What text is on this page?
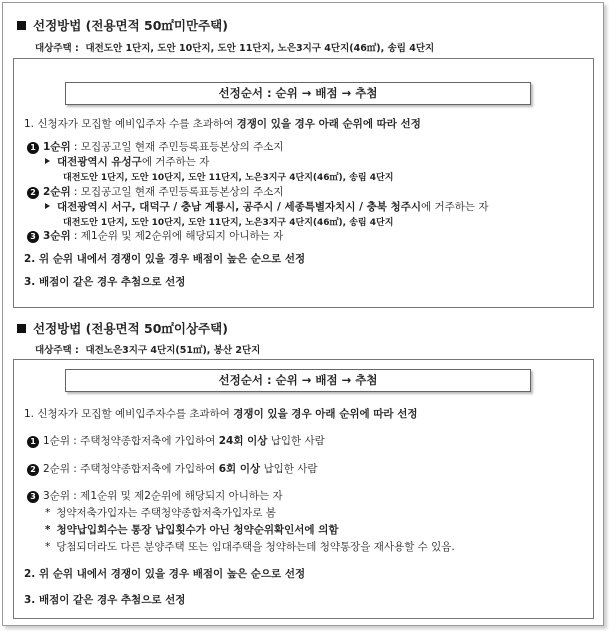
선정방법 (전용면적 50㎡미만주택)
대상주택 : 대전도안 1단지, 도안 10단지, 도안 11단지, 노은3지구 4단지(46㎡), 송림 4단지
선정순서 : 순위 → 배점 → 추첨
1. 신청자가 모집할 예비입주자 수를 초과하여 경쟁이 있을 경우 아래 순위에 따라 선정
1 1순위 : 모집공고일 현재 주민등록표등본상의 주소지
대전광역시 유성구에 거주하는 자
대전도안 1단지, 도안 10단지, 도안 11단지, 노은3지구 4단지(46㎡), 송림 4단지
2 2순위 : 모집공고일 현재 주민등록표등본상의 주소지
대전광역시 서구, 대덕구 / 충남 계룡시, 공주시 / 세종특별자치시 / 충북 청주시에 거주하는 자
대전도안 1단지, 도안 10단지, 도안 11단지, 노은3지구 4단지(46㎡), 송림 4단지
3 3순위 : 제1순위 및 제2순위에 해당되지 아니하는 자
2. 위 순위 내에서 경쟁이 있을 경우 배점이 높은 순으로 선정
3. 배점이 같은 경우 추첨으로 선정
선정방법 (전용면적 50㎡이상주택)
대상주택 : 대전노은3지구 4단지(51㎡), 봉산 2단지
선정순서 : 순위 → 배점 → 추첨
1. 신청자가 모집할 예비입주자수를 초과하여 경쟁이 있을 경우 아래 순위에 따라 선정
1 1순위 : 주택청약종합저축에 가입하여 24회 이상 납입한 사람
2 2순위 : 주택청약종합저축에 가입하여 6회 이상 납입한 사람
3 3순위 : 제1순위 및 제2순위에 해당되지 아니하는 자
* 청약저축가입자는 주택청약종합저축가입자로 봄
* 청약납입회수는 통장 납입횟수가 아닌 청약순위확인서에 의함
* 당첨되더라도 다른 분양주택 또는 임대주택을 청약하는데 청약통장을 재사용할 수 있음.
2. 위 순위 내에서 경쟁이 있을 경우 배점이 높은 순으로 선정
3. 배점이 같은 경우 추첨으로 선정
